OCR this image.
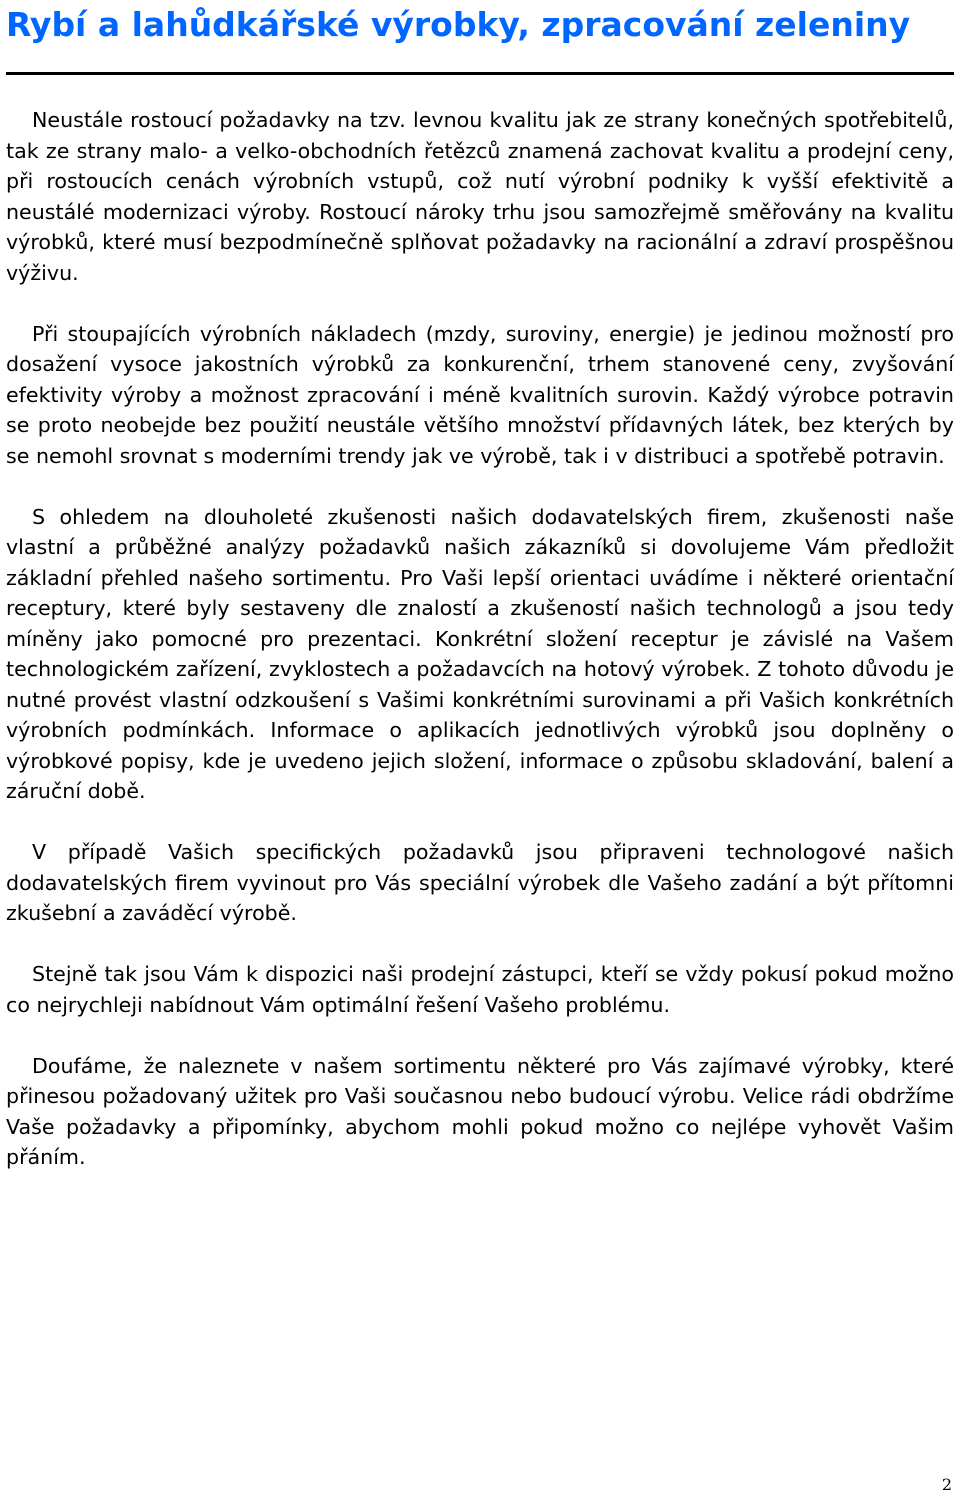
Rybí a lahůdkářské výrobky, zpracování zeleniny

Neustále rostoucí požadavky na tzv. levnou kvalitu jak ze strany konečných spotřebitelů, tak ze strany malo- a velko-obchodních řetězců znamená zachovat kvalitu a prodejní ceny, při rostoucích cenách výrobních vstupů, což nutí výrobní podniky k vyšší efektivitě a neustálé modernizaci výroby. Rostoucí nároky trhu jsou samozřejmě směřovány na kvalitu výrobků, které musí bezpodmínečně splňovat požadavky na racionální a zdraví prospěšnou výživu.

Při stoupajících výrobních nákladech (mzdy, suroviny, energie) je jedinou možností pro dosažení vysoce jakostních výrobků za konkurenční, trhem stanovené ceny, zvyšování efektivity výroby a možnost zpracování i méně kvalitních surovin. Každý výrobce potravin se proto neobejde bez použití neustále většího množství přídavných látek, bez kterých by se nemohl srovnat s moderními trendy jak ve výrobě, tak i v distribuci a spotřebě potravin.

S ohledem na dlouholeté zkušenosti našich dodavatelských firem, zkušenosti naše vlastní a průběžné analýzy požadavků našich zákazníků si dovolujeme Vám předložit základní přehled našeho sortimentu. Pro Vaši lepší orientaci uvádíme i některé orientační receptury, které byly sestaveny dle znalostí a zkušeností našich technologů a jsou tedy míněny jako pomocné pro prezentaci. Konkrétní složení receptur je závislé na Vašem technologickém zařízení, zvyklostech a požadavcích na hotový výrobek. Z tohoto důvodu je nutné provést vlastní odzkoušení s Vašimi konkrétními surovinami a při Vašich konkrétních výrobních podmínkách. Informace o aplikacích jednotlivých výrobků jsou doplněny o výrobkové popisy, kde je uvedeno jejich složení, informace o způsobu skladování, balení a záruční době.

V případě Vašich specifických požadavků jsou připraveni technologové našich dodavatelských firem vyvinout pro Vás speciální výrobek dle Vašeho zadání a být přítomni zkušební a zaváděcí výrobě.

Stejně tak jsou Vám k dispozici naši prodejní zástupci, kteří se vždy pokusí pokud možno co nejrychleji nabídnout Vám optimální řešení Vašeho problému.

Doufáme, že naleznete v našem sortimentu některé pro Vás zajímavé výrobky, které přinesou požadovaný užitek pro Vaši současnou nebo budoucí výrobu. Velice rádi obdržíme Vaše požadavky a připomínky, abychom mohli pokud možno co nejlépe vyhovět Vašim přáním.

2
